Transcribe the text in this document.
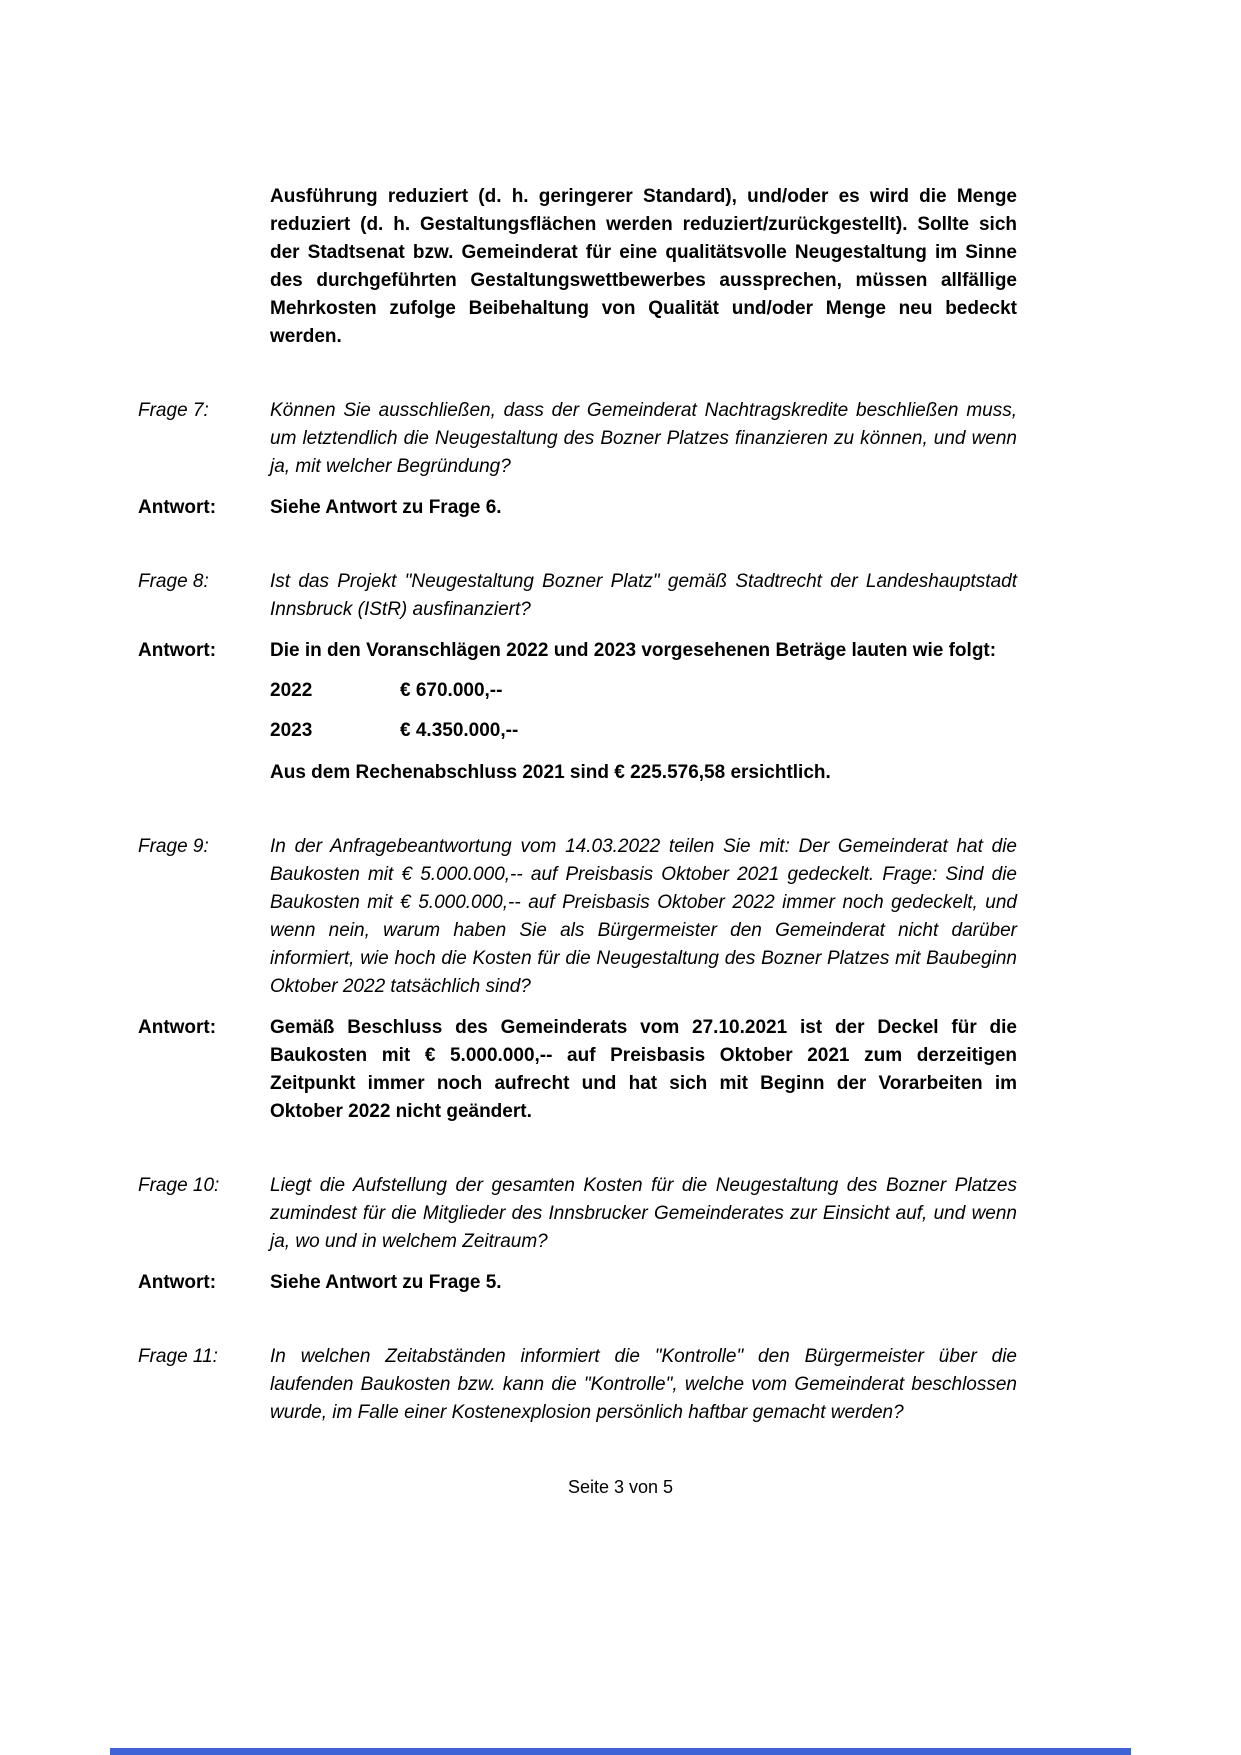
Ausführung reduziert (d. h. geringerer Standard), und/oder es wird die Menge reduziert (d. h. Gestaltungsflächen werden reduziert/zurückgestellt). Sollte sich der Stadtsenat bzw. Gemeinderat für eine qualitätsvolle Neugestaltung im Sinne des durchgeführten Gestaltungswettbewerbes aussprechen, müssen allfällige Mehrkosten zufolge Beibehaltung von Qualität und/oder Menge neu bedeckt werden.
Frage 7:	Können Sie ausschließen, dass der Gemeinderat Nachtragskredite beschließen muss, um letztendlich die Neugestaltung des Bozner Platzes finanzieren zu können, und wenn ja, mit welcher Begründung?
Antwort:	Siehe Antwort zu Frage 6.
Frage 8:	Ist das Projekt "Neugestaltung Bozner Platz" gemäß Stadtrecht der Landeshauptstadt Innsbruck (IStR) ausfinanziert?
Antwort:	Die in den Voranschlägen 2022 und 2023 vorgesehenen Beträge lauten wie folgt:
2022	€ 670.000,--
2023	€ 4.350.000,--
Aus dem Rechenabschluss 2021 sind € 225.576,58 ersichtlich.
Frage 9:	In der Anfragebeantwortung vom 14.03.2022 teilen Sie mit: Der Gemeinderat hat die Baukosten mit € 5.000.000,-- auf Preisbasis Oktober 2021 gedeckelt. Frage: Sind die Baukosten mit € 5.000.000,-- auf Preisbasis Oktober 2022 immer noch gedeckelt, und wenn nein, warum haben Sie als Bürgermeister den Gemeinderat nicht darüber informiert, wie hoch die Kosten für die Neugestaltung des Bozner Platzes mit Baubeginn Oktober 2022 tatsächlich sind?
Antwort:	Gemäß Beschluss des Gemeinderats vom 27.10.2021 ist der Deckel für die Baukosten mit € 5.000.000,-- auf Preisbasis Oktober 2021 zum derzeitigen Zeitpunkt immer noch aufrecht und hat sich mit Beginn der Vorarbeiten im Oktober 2022 nicht geändert.
Frage 10:	Liegt die Aufstellung der gesamten Kosten für die Neugestaltung des Bozner Platzes zumindest für die Mitglieder des Innsbrucker Gemeinderates zur Einsicht auf, und wenn ja, wo und in welchem Zeitraum?
Antwort:	Siehe Antwort zu Frage 5.
Frage 11:	In welchen Zeitabständen informiert die "Kontrolle" den Bürgermeister über die laufenden Baukosten bzw. kann die "Kontrolle", welche vom Gemeinderat beschlossen wurde, im Falle einer Kostenexplosion persönlich haftbar gemacht werden?
Seite 3 von 5
